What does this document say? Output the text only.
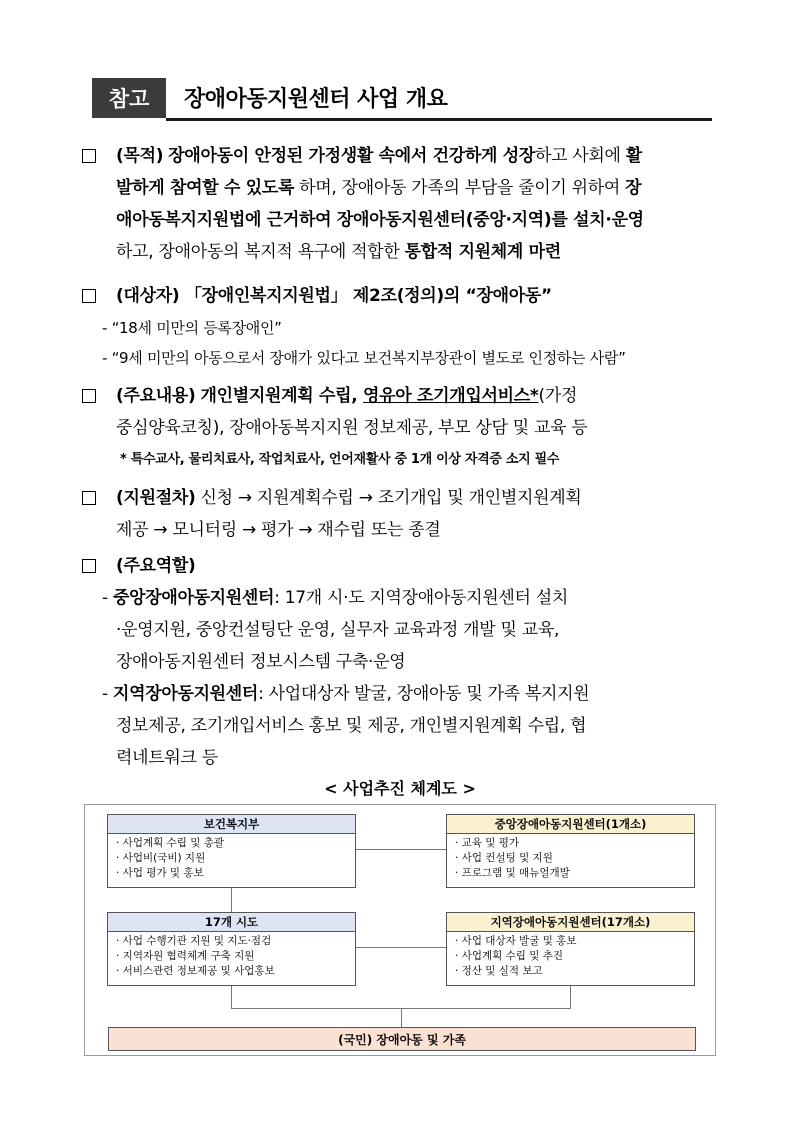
참고	장애아동지원센터 사업 개요
(목적) 장애아동이 안정된 가정생활 속에서 건강하게 성장하고 사회에 활
발하게 참여할 수 있도록 하며, 장애아동 가족의 부담을 줄이기 위하여 장
애아동복지지원법에 근거하여 장애아동지원센터(중앙·지역)를 설치·운영
하고, 장애아동의 복지적 욕구에 적합한 통합적 지원체계 마련
(대상자) 「장애인복지지원법」 제2조(정의)의 “장애아동”
- “18세 미만의 등록장애인”
- “9세 미만의 아동으로서 장애가 있다고 보건복지부장관이 별도로 인정하는 사람”
(주요내용) 개인별지원계획 수립, 영유아 조기개입서비스*(가정
중심양육코칭), 장애아동복지지원 정보제공, 부모 상담 및 교육 등
* 특수교사, 물리치료사, 작업치료사, 언어재활사 중 1개 이상 자격증 소지 필수
(지원절차) 신청 → 지원계획수립 → 조기개입 및 개인별지원계획
제공 → 모니터링 → 평가 → 재수립 또는 종결
(주요역할)
- 중앙장애아동지원센터: 17개 시·도 지역장애아동지원센터 설치
·운영지원, 중앙컨설팅단 운영, 실무자 교육과정 개발 및 교육,
장애아동지원센터 정보시스템 구축·운영
- 지역장아동지원센터: 사업대상자 발굴, 장애아동 및 가족 복지지원
정보제공, 조기개입서비스 홍보 및 제공, 개인별지원계획 수립, 협
력네트워크 등
< 사업추진 체계도 >
보건복지부
· 사업계획 수립 및 총괄
· 사업비(국비) 지원
· 사업 평가 및 홍보
중앙장애아동지원센터(1개소)
· 교육 및 평가
· 사업 컨설팅 및 지원
· 프로그램 및 매뉴얼개발
17개 시도
· 사업 수행기관 지원 및 지도·점검
· 지역자원 협력체계 구축 지원
· 서비스관련 정보제공 및 사업홍보
지역장애아동지원센터(17개소)
· 사업 대상자 발굴 및 홍보
· 사업계획 수립 및 추진
· 정산 및 실적 보고
(국민) 장애아동 및 가족
